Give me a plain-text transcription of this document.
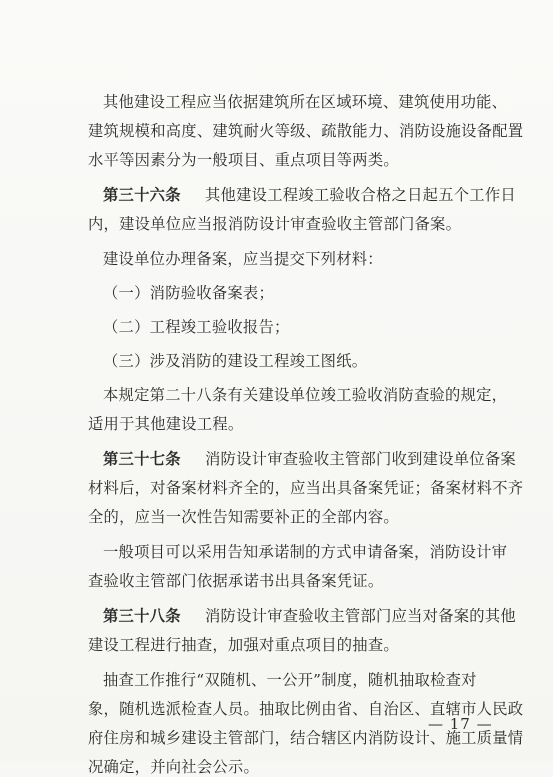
其他建设工程应当依据建筑所在区域环境、建筑使用功能、
建筑规模和高度、建筑耐火等级、疏散能力、消防设施设备配置
水平等因素分为一般项目、重点项目等两类。
第三十六条 其他建设工程竣工验收合格之日起五个工作日
内，建设单位应当报消防设计审查验收主管部门备案。
建设单位办理备案，应当提交下列材料：
（一）消防验收备案表；
（二）工程竣工验收报告；
（三）涉及消防的建设工程竣工图纸。
本规定第二十八条有关建设单位竣工验收消防查验的规定，
适用于其他建设工程。
第三十七条 消防设计审查验收主管部门收到建设单位备案
材料后，对备案材料齐全的，应当出具备案凭证；备案材料不齐
全的，应当一次性告知需要补正的全部内容。
一般项目可以采用告知承诺制的方式申请备案，消防设计审
查验收主管部门依据承诺书出具备案凭证。
第三十八条 消防设计审查验收主管部门应当对备案的其他
建设工程进行抽查，加强对重点项目的抽查。
抽查工作推行“双随机、一公开”制度，随机抽取检查对
象，随机选派检查人员。抽取比例由省、自治区、直辖市人民政
府住房和城乡建设主管部门，结合辖区内消防设计、施工质量情
况确定，并向社会公示。
— 17 —
